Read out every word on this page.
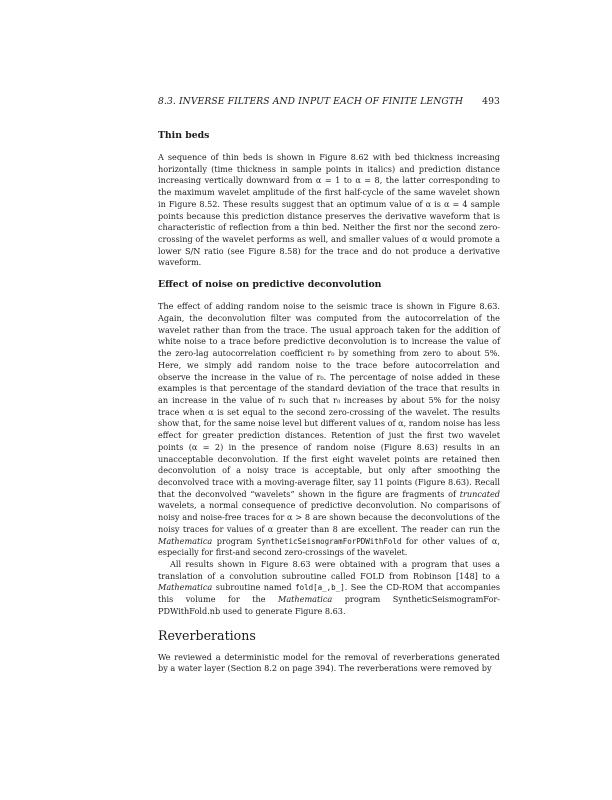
8.3. INVERSE FILTERS AND INPUT EACH OF FINITE LENGTH 493
Thin beds

A sequence of thin beds is shown in Figure 8.62 with bed thickness increasing horizontally (time thickness in sample points in italics) and prediction distance increasing vertically downward from α = 1 to α = 8, the latter corresponding to the maximum wavelet amplitude of the first half-cycle of the same wavelet shown in Figure 8.52. These results suggest that an optimum value of α is α = 4 sample points because this prediction distance preserves the derivative waveform that is characteristic of reflection from a thin bed. Neither the first nor the second zero-crossing of the wavelet performs as well, and smaller values of α would promote a lower S/N ratio (see Figure 8.58) for the trace and do not produce a derivative waveform.

Effect of noise on predictive deconvolution

The effect of adding random noise to the seismic trace is shown in Figure 8.63. Again, the deconvolution filter was computed from the autocorrelation of the wavelet rather than from the trace. The usual approach taken for the addition of white noise to a trace before predictive deconvolution is to increase the value of the zero-lag autocorrelation coefficient r₀ by something from zero to about 5%. Here, we simply add random noise to the trace before autocorrelation and observe the increase in the value of r₀. The percentage of noise added in these examples is that percentage of the standard deviation of the trace that results in an increase in the value of r₀ such that r₀ increases by about 5% for the noisy trace when α is set equal to the second zero-crossing of the wavelet. The results show that, for the same noise level but different values of α, random noise has less effect for greater prediction distances. Retention of just the first two wavelet points (α = 2) in the presence of random noise (Figure 8.63) results in an unacceptable deconvolution. If the first eight wavelet points are retained then deconvolution of a noisy trace is acceptable, but only after smoothing the deconvolved trace with a moving-average filter, say 11 points (Figure 8.63). Recall that the deconvolved “wavelets” shown in the figure are fragments of truncated wavelets, a normal consequence of predictive deconvolution. No comparisons of noisy and noise-free traces for α > 8 are shown because the deconvolutions of the noisy traces for values of α greater than 8 are excellent. The reader can run the Mathematica program SyntheticSeismogramForPDWithFold for other values of α, especially for first-and second zero-crossings of the wavelet.

All results shown in Figure 8.63 were obtained with a program that uses a translation of a convolution subroutine called FOLD from Robinson [148] to a Mathematica subroutine named fold[a_,b_]. See the CD-ROM that accompanies this volume for the Mathematica program SyntheticSeismogramFor-PDWithFold.nb used to generate Figure 8.63.

Reverberations

We reviewed a deterministic model for the removal of reverberations generated by a water layer (Section 8.2 on page 394). The reverberations were removed by
